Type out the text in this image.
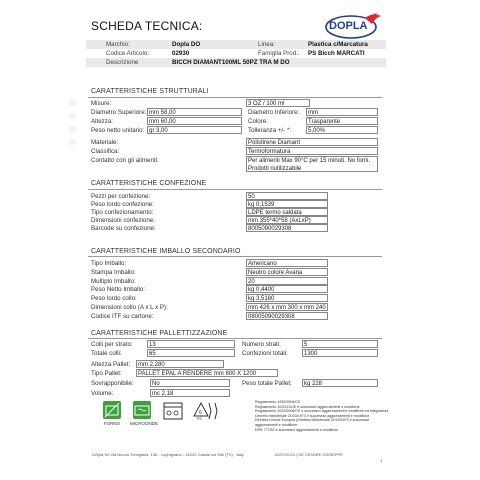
SCHEDA TECNICA:	DOPLA
Marchio:	Dopla DO	Linea:	Plastica c/Marcatura
Codice Articolo:	02930	Famiglia Prod.: PS Bicch MARCATI
Descrizione	BICCH DIAMANT100ML 50PZ TRA M DO
CARATTERISTICHE STRUTTURALI
Misure:	3 OZ / 100 ml
Diametro Superiore: mm 58,00	Diametro Inferiore:	mm
Altezza:	mm 60,00	Colore:	Trasparente
Peso netto unitario: gr 3,00	Tolleranza +/- *:	5,00%
Materiale:	Polistirene Diamant
Classifica:	Termoformatura
Contatto con gli alimenti:	Per alimenti Max 90°C per 15 minuti. No forni. Prodotti riutilizzabile
CARATTERISTICHE CONFEZIONE
Pezzi per confezione:	50
Peso lordo confezione:	kg 0,1539
Tipo confezionamento:	LDPE termo saldata
Dimensioni confezione:	mm 355*40*58 (AxLxP)
Barcode su confezione:	8005090029308
CARATTERISTICHE IMBALLO SECONDARIO
Tipo Imballo:	Americano
Stampa Imballo:	Neutro colore Avana
Multiplo Imballo:	20
Peso Netto Imballo:	kg 0,4400
Peso lordo collo:	kg 3,5180
Dimensioni collo (A x L x P):	mm 426 x mm 300 x mm 240
Codice ITF su cartone:	08005090029308
CARATTERISTICHE PALLETTIZZAZIONE
Colli per strato:	13	Numero strati:	5
Totale colli:	65	Confezioni totali:	1300
Altezza Pallet:	mm 2.280
Tipo Pallet:	PALLET EPAL A RENDERE mm 800 X 1200
Sovrapponibile:	No	Peso totale Pallet:	kg 228
Volume:	mc 2,18
FORNO	MICROONDE
6
PS
Regolamento 1935/2004/CE
Regolamento 10/2011/UE e successivi aggiornamenti e modifiche
Regolamento 2023/2006/CE e successivi aggiornamenti e modifiche ed integrazioni
Decreto ministeriale 21/03/1973 e successivi aggiornamenti e modifiche
Direttiva Unione Europea (Direttiva Ministeriale 21/03/1973 e successivi aggiornamenti e modifiche
DPR 777/82 e successivi aggiornamenti e modifiche
DOpla Srl Via Nuova Treviglana, 136 - Lughignano - 31032 Casale sul Sile (TV) - Italy	02/07/2024 | DE CESARE GIUSEPPE
1
